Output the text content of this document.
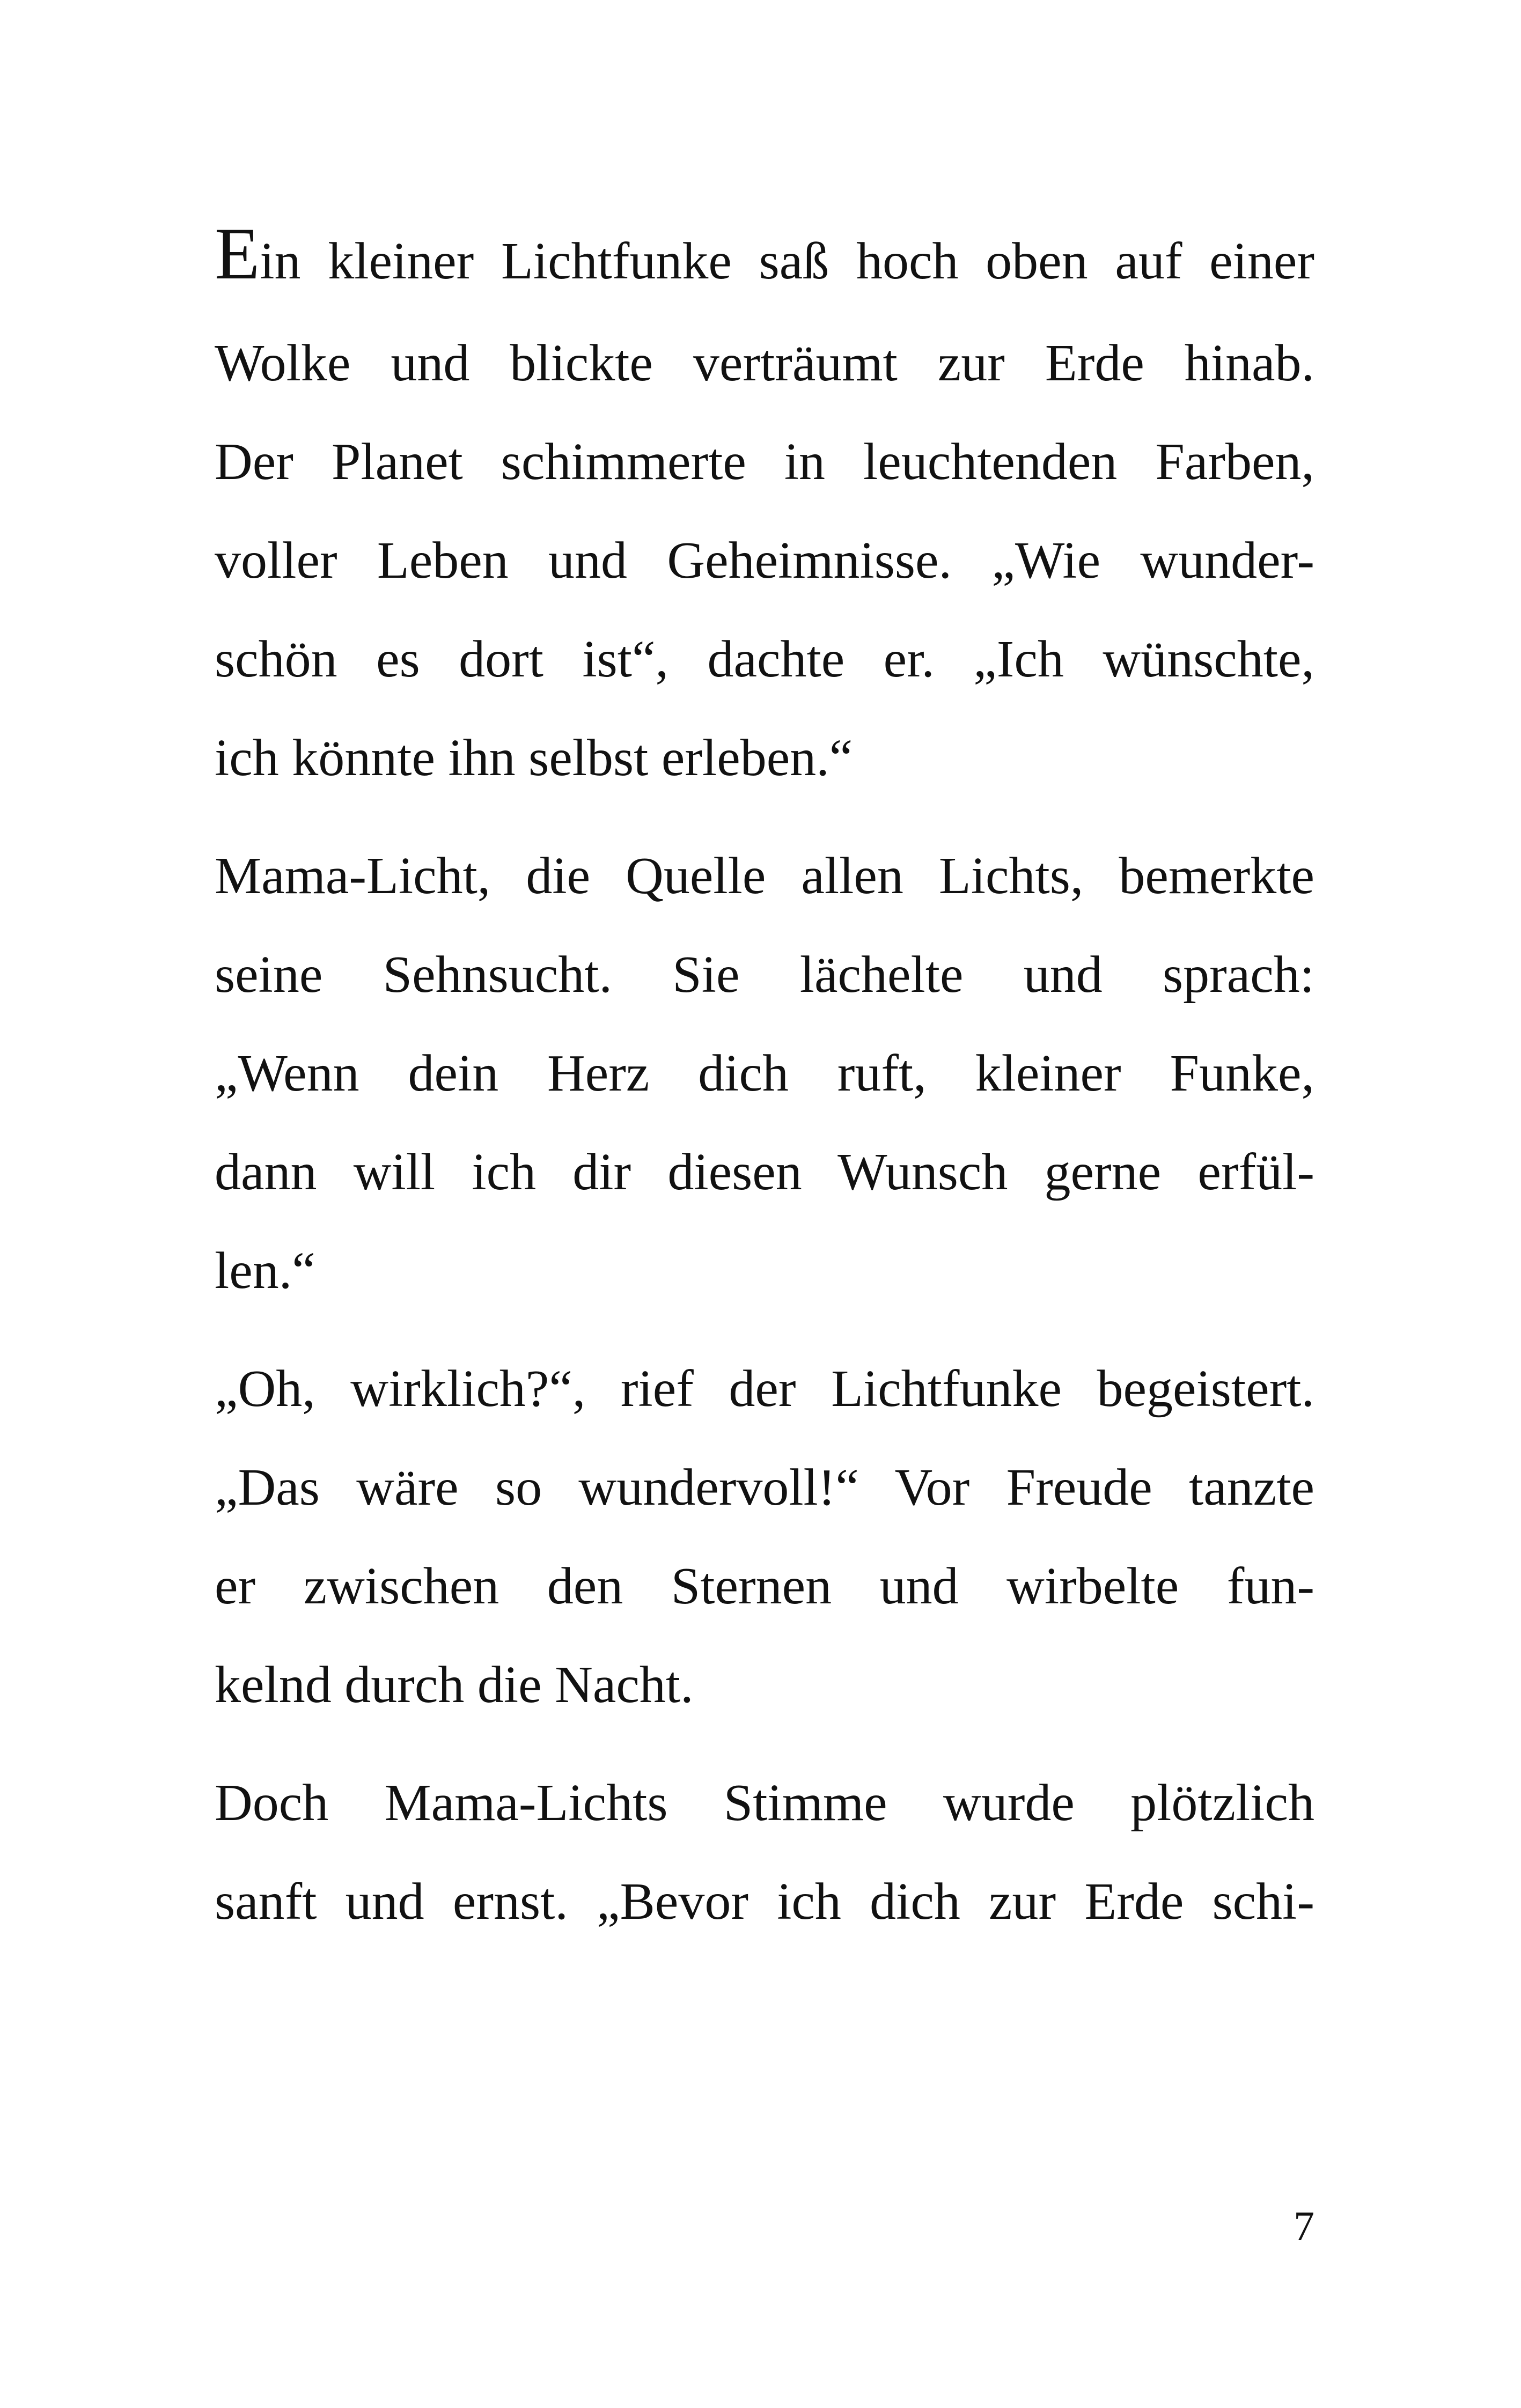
Ein kleiner Lichtfunke saß hoch oben auf einer
Wolke und blickte verträumt zur Erde hinab.
Der Planet schimmerte in leuchtenden Farben,
voller Leben und Geheimnisse. „Wie wunder-
schön es dort ist“, dachte er. „Ich wünschte,
ich könnte ihn selbst erleben.“
Mama-Licht, die Quelle allen Lichts, bemerkte
seine Sehnsucht. Sie lächelte und sprach:
„Wenn dein Herz dich ruft, kleiner Funke,
dann will ich dir diesen Wunsch gerne erfül-
len.“
„Oh, wirklich?“, rief der Lichtfunke begeistert.
„Das wäre so wundervoll!“ Vor Freude tanzte
er zwischen den Sternen und wirbelte fun-
kelnd durch die Nacht.
Doch Mama-Lichts Stimme wurde plötzlich
sanft und ernst. „Bevor ich dich zur Erde schi-
7
